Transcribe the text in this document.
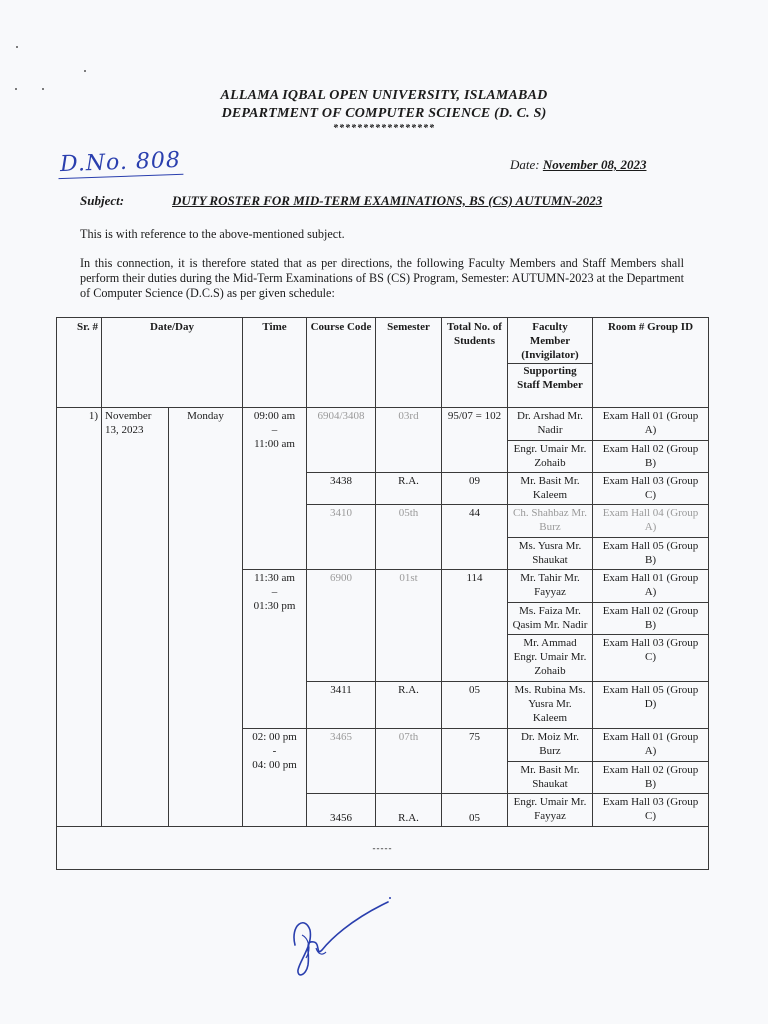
ALLAMA IQBAL OPEN UNIVERSITY, ISLAMABAD
DEPARTMENT OF COMPUTER SCIENCE (D. C. S)
*****************
D.No. 808	Date: November 08, 2023
Subject:	DUTY ROSTER FOR MID-TERM EXAMINATIONS, BS (CS) AUTUMN-2023
This is with reference to the above-mentioned subject.
In this connection, it is therefore stated that as per directions, the following Faculty Members and Staff Members shall perform their duties during the Mid-Term Examinations of BS (CS) Program, Semester: AUTUMN-2023 at the Department of Computer Science (D.C.S) as per given schedule:
Sr. #	Date/Day		Time	Course Code	Semester	Total No. of Students	Faculty Member (Invigilator)
Supporting Staff Member	Room # Group ID
1)	November 13, 2023	Monday	09:00 am
–
11:00 am	6904/3408	03rd	95/07 = 102	Dr. Arshad Mr. Nadir	Exam Hall 01 (Group A)
							Engr. Umair Mr. Zohaib	Exam Hall 02 (Group B)
				3438	R.A.	09	Mr. Basit Mr. Kaleem	Exam Hall 03 (Group C)
				3410	05th	44	Ch. Shahbaz Mr. Burz	Exam Hall 04 (Group A)
							Ms. Yusra Mr. Shaukat	Exam Hall 05 (Group B)

			11:30 am
–
01:30 pm	6900	01st	114	Mr. Tahir Mr. Fayyaz	Exam Hall 01 (Group A)
							Ms. Faiza Mr. Qasim Mr. Nadir	Exam Hall 02 (Group B)
							Mr. Ammad Engr. Umair Mr. Zohaib	Exam Hall 03 (Group C)
				3411	R.A.	05	Ms. Rubina Ms. Yusra Mr. Kaleem	Exam Hall 05 (Group D)

			02: 00 pm
-
04: 00 pm	3465	07th	75	Dr. Moiz Mr. Burz	Exam Hall 01 (Group A)
							Mr. Basit Mr. Shaukat	Exam Hall 02 (Group B)
				3456	R.A.	05	Engr. Umair Mr. Fayyaz	Exam Hall 03 (Group C)
-----								
